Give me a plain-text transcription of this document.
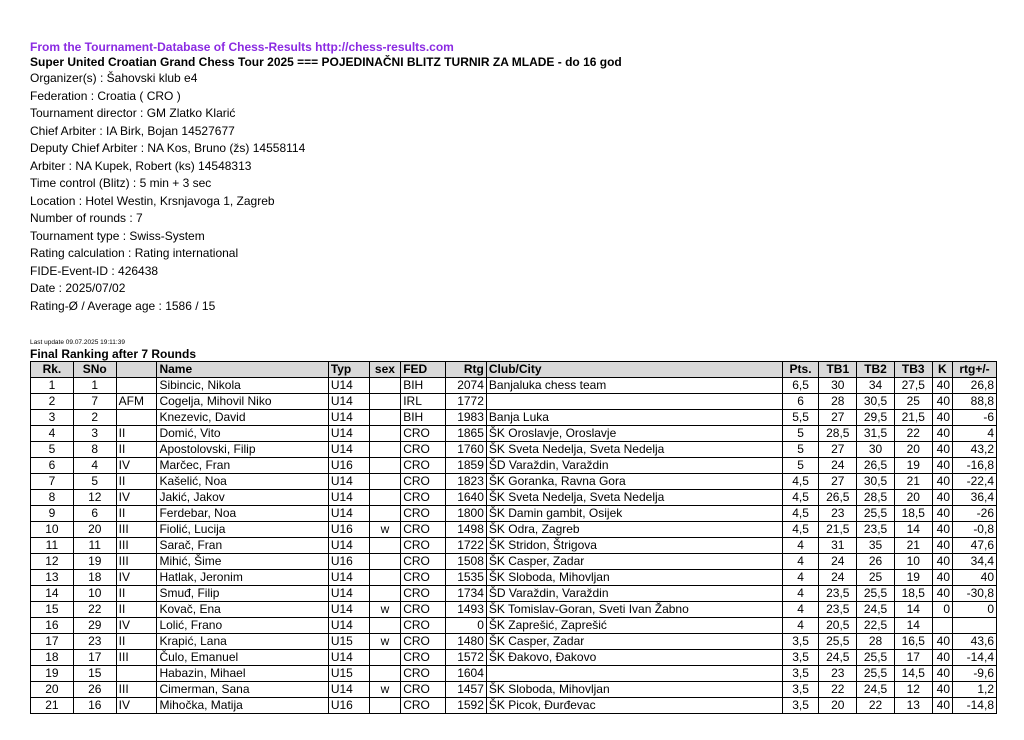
From the Tournament-Database of Chess-Results http://chess-results.com
Super United Croatian Grand Chess Tour 2025 === POJEDINAČNI BLITZ TURNIR ZA MLADE - do 16 god
Organizer(s) : Šahovski klub e4
Federation : Croatia ( CRO )
Tournament director : GM Zlatko Klarić
Chief Arbiter : IA Birk, Bojan 14527677
Deputy Chief Arbiter : NA Kos, Bruno (žs) 14558114
Arbiter : NA Kupek, Robert (ks) 14548313
Time control (Blitz) : 5 min + 3 sec
Location : Hotel Westin, Krsnjavoga 1, Zagreb
Number of rounds : 7
Tournament type : Swiss-System
Rating calculation : Rating international
FIDE-Event-ID : 426438
Date : 2025/07/02
Rating-Ø / Average age : 1586 / 15
Last update 09.07.2025 19:11:39
Final Ranking after 7 Rounds
Rk.	SNo		Name	Typ	sex	FED	Rtg	Club/City	Pts.	TB1	TB2	TB3	K	rtg+/-
1	1		Sibincic, Nikola	U14		BIH	2074	Banjaluka chess team	6,5	30	34	27,5	40	26,8
2	7	AFM	Cogelja, Mihovil Niko	U14		IRL	1772		6	28	30,5	25	40	88,8
3	2		Knezevic, David	U14		BIH	1983	Banja Luka	5,5	27	29,5	21,5	40	-6
4	3	II	Domić, Vito	U14		CRO	1865	ŠK Oroslavje, Oroslavje	5	28,5	31,5	22	40	4
5	8	II	Apostolovski, Filip	U14		CRO	1760	ŠK Sveta Nedelja, Sveta Nedelja	5	27	30	20	40	43,2
6	4	IV	Marčec, Fran	U16		CRO	1859	ŠD Varaždin, Varaždin	5	24	26,5	19	40	-16,8
7	5	II	Kašelić, Noa	U14		CRO	1823	ŠK Goranka, Ravna Gora	4,5	27	30,5	21	40	-22,4
8	12	IV	Jakić, Jakov	U14		CRO	1640	ŠK Sveta Nedelja, Sveta Nedelja	4,5	26,5	28,5	20	40	36,4
9	6	II	Ferdebar, Noa	U14		CRO	1800	ŠK Damin gambit, Osijek	4,5	23	25,5	18,5	40	-26
10	20	III	Fiolić, Lucija	U16	w	CRO	1498	ŠK Odra, Zagreb	4,5	21,5	23,5	14	40	-0,8
11	11	III	Sarač, Fran	U14		CRO	1722	ŠK Stridon, Štrigova	4	31	35	21	40	47,6
12	19	III	Mihić, Šime	U16		CRO	1508	ŠK Casper, Zadar	4	24	26	10	40	34,4
13	18	IV	Hatlak, Jeronim	U14		CRO	1535	ŠK Sloboda, Mihovljan	4	24	25	19	40	40
14	10	II	Smuđ, Filip	U14		CRO	1734	ŠD Varaždin, Varaždin	4	23,5	25,5	18,5	40	-30,8
15	22	II	Kovač, Ena	U14	w	CRO	1493	ŠK Tomislav-Goran, Sveti Ivan Žabno	4	23,5	24,5	14	0	0
16	29	IV	Lolić, Frano	U14		CRO	0	ŠK Zaprešić, Zaprešić	4	20,5	22,5	14		
17	23	II	Krapić, Lana	U15	w	CRO	1480	ŠK Casper, Zadar	3,5	25,5	28	16,5	40	43,6
18	17	III	Čulo, Emanuel	U14		CRO	1572	ŠK Đakovo, Đakovo	3,5	24,5	25,5	17	40	-14,4
19	15		Habazin, Mihael	U15		CRO	1604		3,5	23	25,5	14,5	40	-9,6
20	26	III	Cimerman, Sana	U14	w	CRO	1457	ŠK Sloboda, Mihovljan	3,5	22	24,5	12	40	1,2
21	16	IV	Mihočka, Matija	U16		CRO	1592	ŠK Picok, Đurđevac	3,5	20	22	13	40	-14,8
